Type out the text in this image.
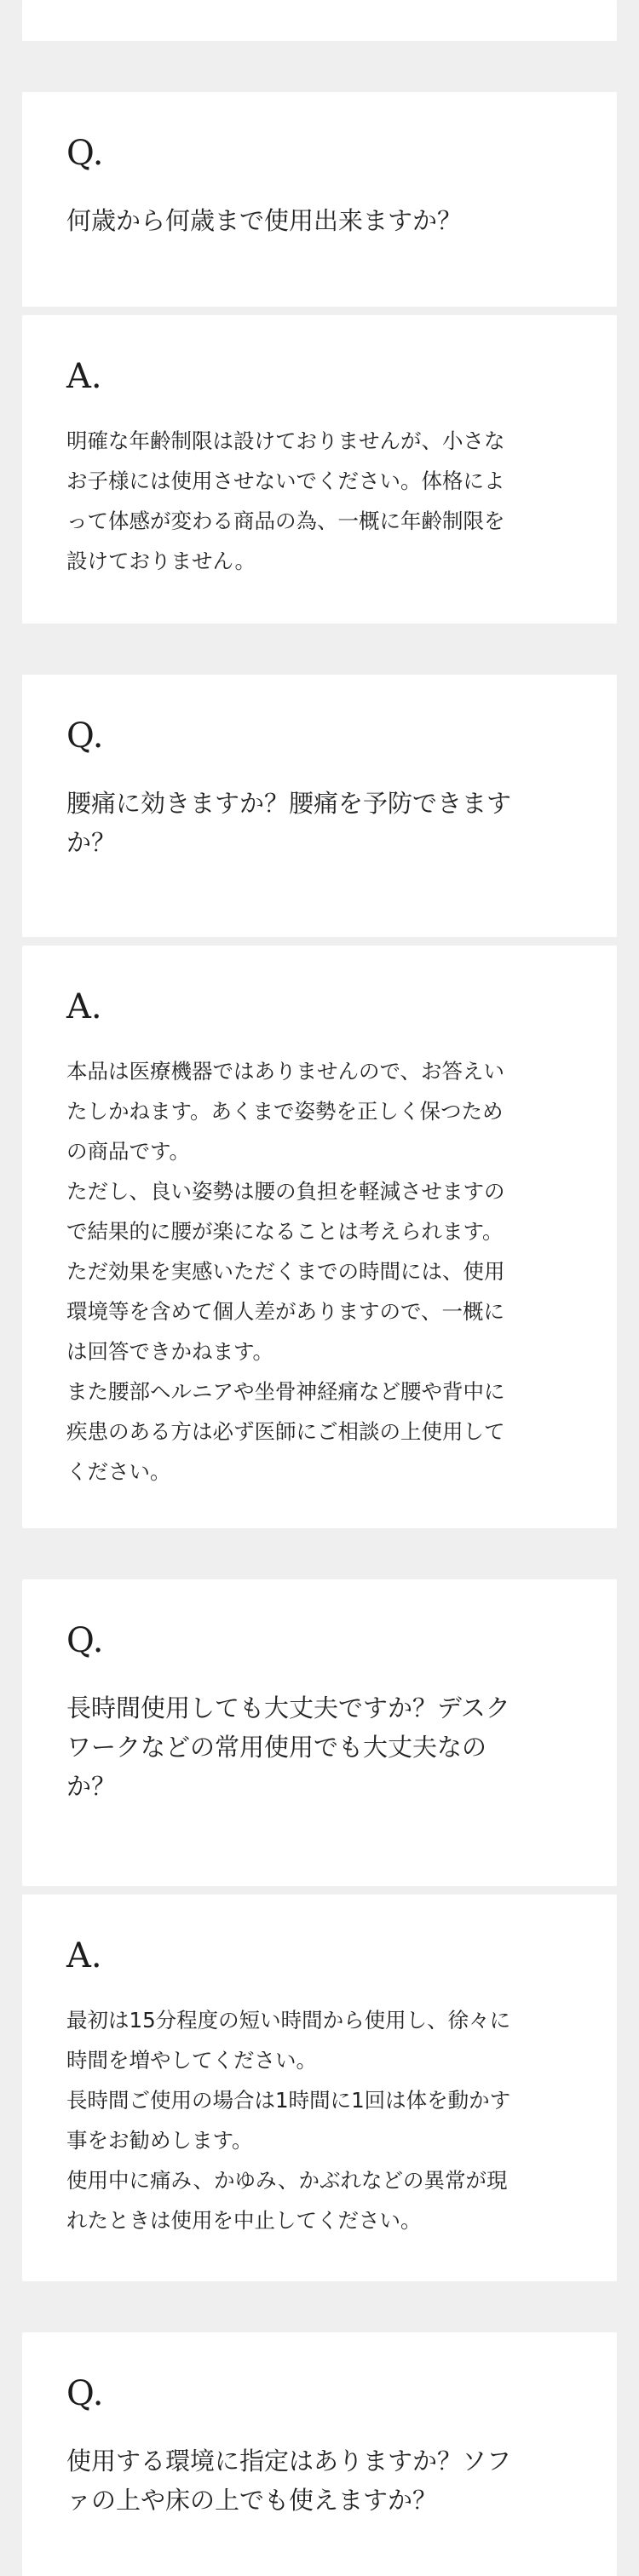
Q.
何歳から何歳まで使用出来ますか？
A.
明確な年齢制限は設けておりませんが、小さな
お子様には使用させないでください。体格によ
って体感が変わる商品の為、一概に年齢制限を
設けておりません。
Q.
腰痛に効きますか？腰痛を予防できます
か？
A.
本品は医療機器ではありませんので、お答えい
たしかねます。あくまで姿勢を正しく保つため
の商品です。
ただし、良い姿勢は腰の負担を軽減させますの
で結果的に腰が楽になることは考えられます。
ただ効果を実感いただくまでの時間には、使用
環境等を含めて個人差がありますので、一概に
は回答できかねます。
また腰部ヘルニアや坐骨神経痛など腰や背中に
疾患のある方は必ず医師にご相談の上使用して
ください。
Q.
長時間使用しても大丈夫ですか？デスク
ワークなどの常用使用でも大丈夫なの
か？
A.
最初は15分程度の短い時間から使用し、徐々に
時間を増やしてください。
長時間ご使用の場合は1時間に1回は体を動かす
事をお勧めします。
使用中に痛み、かゆみ、かぶれなどの異常が現
れたときは使用を中止してください。
Q.
使用する環境に指定はありますか？ソフ
ァの上や床の上でも使えますか？
